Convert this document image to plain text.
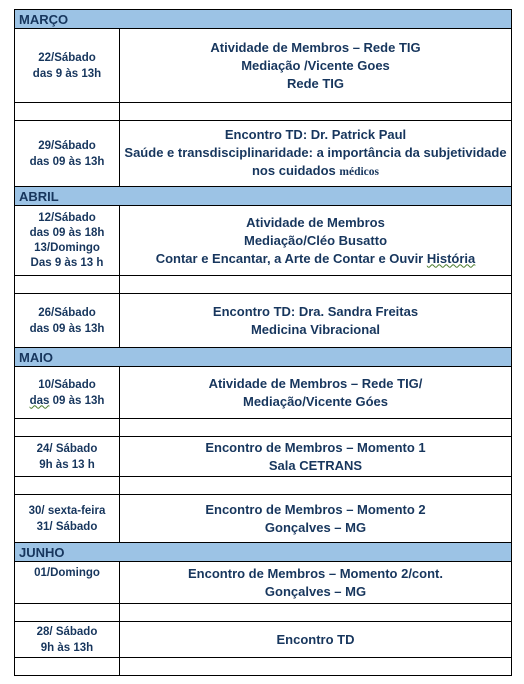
MARÇO	

22/Sábado
das 9 às 13h	Atividade de Membros – Rede TIG
Mediação /Vicente Goes
Rede TIG

29/Sábado
das 09 às 13h	Encontro TD: Dr. Patrick Paul
Saúde e transdisciplinaridade: a importância da subjetividade
nos cuidados médicos

ABRIL	

12/Sábado
das 09 às 18h
13/Domingo
Das 9 às 13 h	Atividade de Membros
Mediação/Cléo Busatto
Contar e Encantar, a Arte de Contar e Ouvir História

26/Sábado
das 09 às 13h	Encontro TD: Dra. Sandra Freitas
Medicina Vibracional

MAIO	

10/Sábado
das 09 às 13h	Atividade de Membros – Rede TIG/
Mediação/Vicente Góes

24/ Sábado
9h às 13 h	Encontro de Membros – Momento 1
Sala CETRANS

30/ sexta-feira
31/ Sábado	Encontro de Membros – Momento 2
Gonçalves – MG

JUNHO	

01/Domingo	Encontro de Membros – Momento 2/cont.
Gonçalves – MG

28/ Sábado
9h às 13h	Encontro TD
